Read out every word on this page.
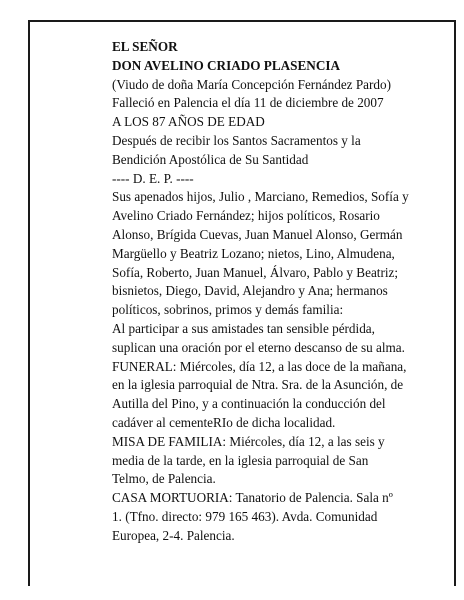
EL SEÑOR
DON AVELINO CRIADO PLASENCIA
(Viudo de doña María Concepción Fernández Pardo)
Falleció en Palencia el día 11 de diciembre de 2007
A LOS 87 AÑOS DE EDAD
Después de recibir los Santos Sacramentos y la
Bendición Apostólica de Su Santidad
---- D. E. P. ----
Sus apenados hijos, Julio , Marciano, Remedios, Sofía y
Avelino Criado Fernández; hijos políticos, Rosario
Alonso, Brígida Cuevas, Juan Manuel Alonso, Germán
Margüello y Beatriz Lozano; nietos, Lino, Almudena,
Sofía, Roberto, Juan Manuel, Álvaro, Pablo y Beatriz;
bisnietos, Diego, David, Alejandro y Ana; hermanos
políticos, sobrinos, primos y demás familia:
Al participar a sus amistades tan sensible pérdida,
suplican una oración por el eterno descanso de su alma.
FUNERAL: Miércoles, día 12, a las doce de la mañana,
en la iglesia parroquial de Ntra. Sra. de la Asunción, de
Autilla del Pino, y a continuación la conducción del
cadáver al cementeRIo de dicha localidad.
MISA DE FAMILIA: Miércoles, día 12, a las seis y
media de la tarde, en la iglesia parroquial de San
Telmo, de Palencia.
CASA MORTUORIA: Tanatorio de Palencia. Sala nº
1. (Tfno. directo: 979 165 463). Avda. Comunidad
Europea, 2-4. Palencia.
